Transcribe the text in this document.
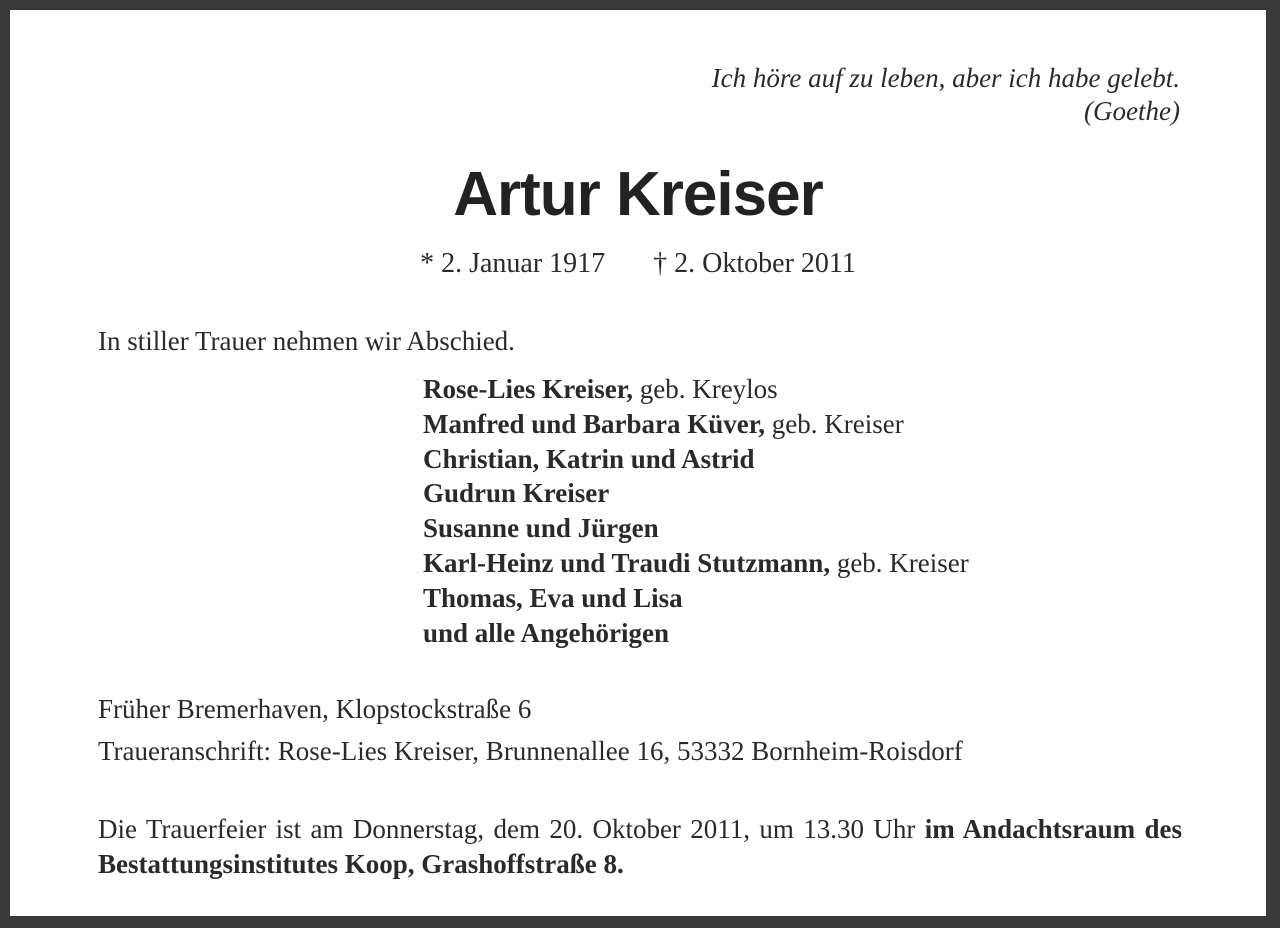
Ich höre auf zu leben, aber ich habe gelebt.
(Goethe)
Artur Kreiser
* 2. Januar 1917 † 2. Oktober 2011
In stiller Trauer nehmen wir Abschied.
Rose-Lies Kreiser, geb. Kreylos
Manfred und Barbara Küver, geb. Kreiser
Christian, Katrin und Astrid
Gudrun Kreiser
Susanne und Jürgen
Karl-Heinz und Traudi Stutzmann, geb. Kreiser
Thomas, Eva und Lisa
und alle Angehörigen
Früher Bremerhaven, Klopstockstraße 6
Traueranschrift: Rose-Lies Kreiser, Brunnenallee 16, 53332 Bornheim-Roisdorf
Die Trauerfeier ist am Donnerstag, dem 20. Oktober 2011, um 13.30 Uhr im Andachtsraum des Bestattungsinstitutes Koop, Grashoffstraße 8.
